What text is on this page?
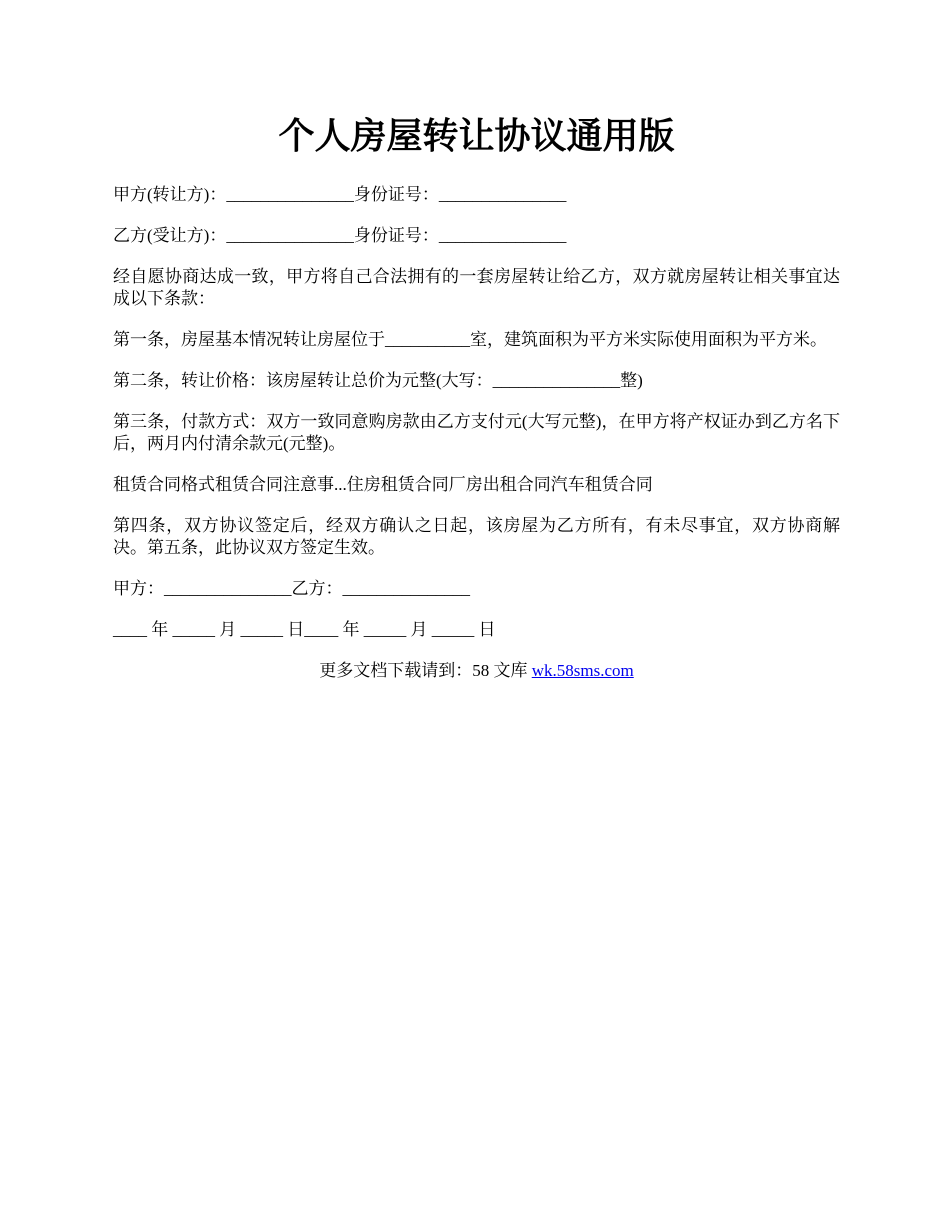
个人房屋转让协议通用版

甲方(转让方)：_______________身份证号：_______________

乙方(受让方)：_______________身份证号：_______________

经自愿协商达成一致，甲方将自己合法拥有的一套房屋转让给乙方，双方就房屋转让相关事宜达成以下条款：

第一条，房屋基本情况转让房屋位于__________室，建筑面积为平方米实际使用面积为平方米。

第二条，转让价格：该房屋转让总价为元整(大写：_______________整)

第三条，付款方式：双方一致同意购房款由乙方支付元(大写元整)，在甲方将产权证办到乙方名下后，两月内付清余款元(元整)。

租赁合同格式租赁合同注意事...住房租赁合同厂房出租合同汽车租赁合同

第四条，双方协议签定后，经双方确认之日起，该房屋为乙方所有，有未尽事宜，双方协商解决。第五条，此协议双方签定生效。

甲方：_______________乙方：_______________

____ 年 _____ 月 _____ 日____ 年 _____ 月 _____ 日

更多文档下载请到：58 文库 wk.58sms.com
